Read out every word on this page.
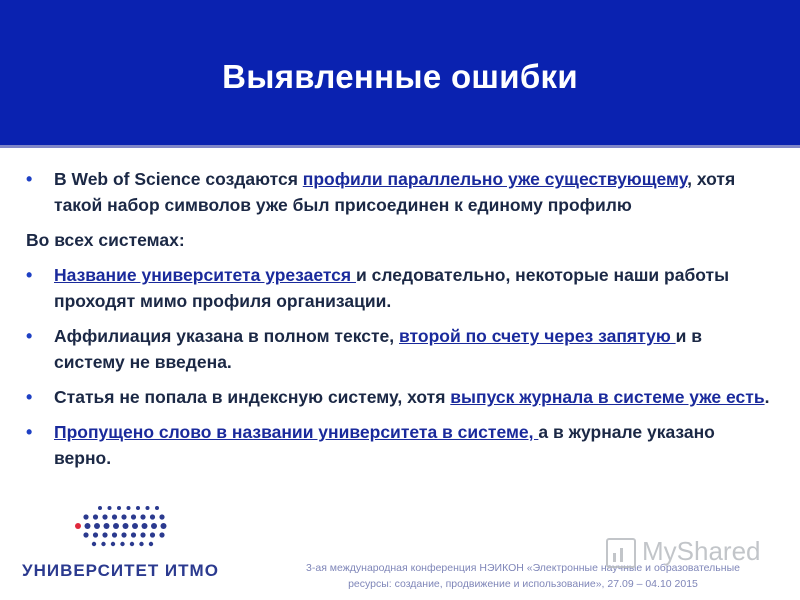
Выявленные ошибки
• В Web of Science создаются профили параллельно уже существующему, хотя такой набор символов уже был присоединен к единому профилю
Во всех системах:
• Название университета урезается и следовательно, некоторые наши работы проходят мимо профиля организации.
• Аффилиация указана в полном тексте, второй по счету через запятую и в систему не введена.
• Статья не попала в индексную систему, хотя выпуск журнала в системе уже есть.
• Пропущено слово в названии университета в системе, а в журнале указано верно.
УНИВЕРСИТЕТ ИТМО	3-ая международная конференция НЭИКОН «Электронные научные и образовательные
ресурсы: создание, продвижение и использование», 27.09 – 04.10 2015
MyShared
